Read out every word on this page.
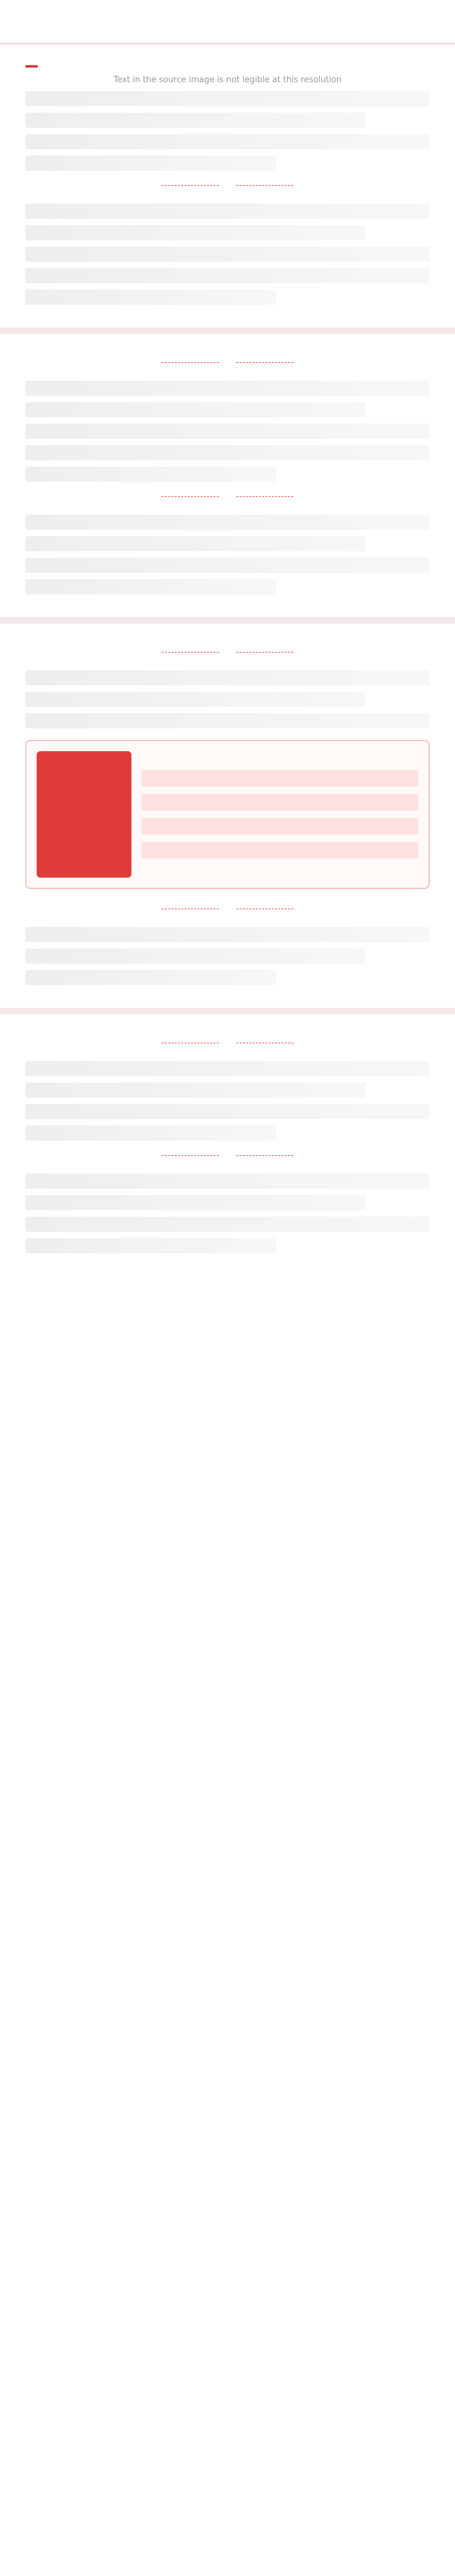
Text in the source image is not legible at this resolution
